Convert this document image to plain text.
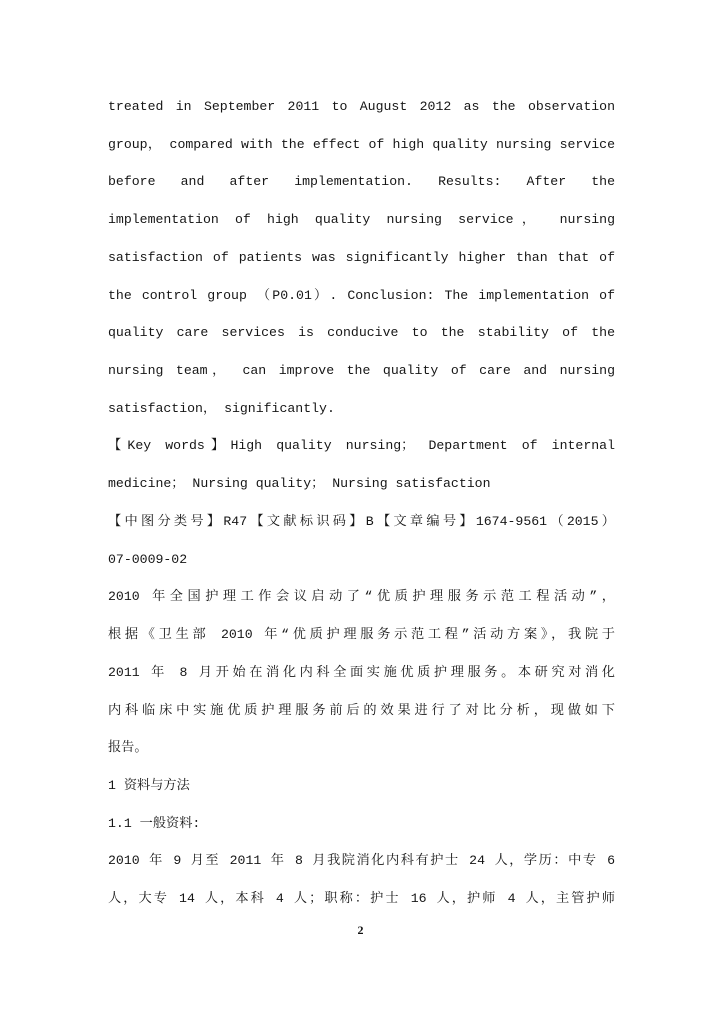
treated in September 2011 to August 2012 as the observation
group， compared with the effect of high quality nursing service
before and after implementation. Results: After the
implementation of high quality nursing service， nursing
satisfaction of patients was significantly higher than that of
the control group （P0.01）. Conclusion: The implementation of
quality care services is conducive to the stability of the
nursing team， can improve the quality of care and nursing
satisfaction， significantly.
【Key words】High quality nursing； Department of internal
medicine； Nursing quality； Nursing satisfaction
【中图分类号】R47【文献标识码】B【文章编号】1674-9561（2015）
07-0009-02
2010 年全国护理工作会议启动了“优质护理服务示范工程活动”，
根据《卫生部 2010 年“优质护理服务示范工程”活动方案》，我院于
2011 年 8 月开始在消化内科全面实施优质护理服务。本研究对消化
内科临床中实施优质护理服务前后的效果进行了对比分析，现做如下
报告。
1 资料与方法
1.1 一般资料:
2010 年 9 月至 2011 年 8 月我院消化内科有护士 24 人，学历：中专 6
人，大专 14 人，本科 4 人；职称：护士 16 人，护师 4 人，主管护师
2
